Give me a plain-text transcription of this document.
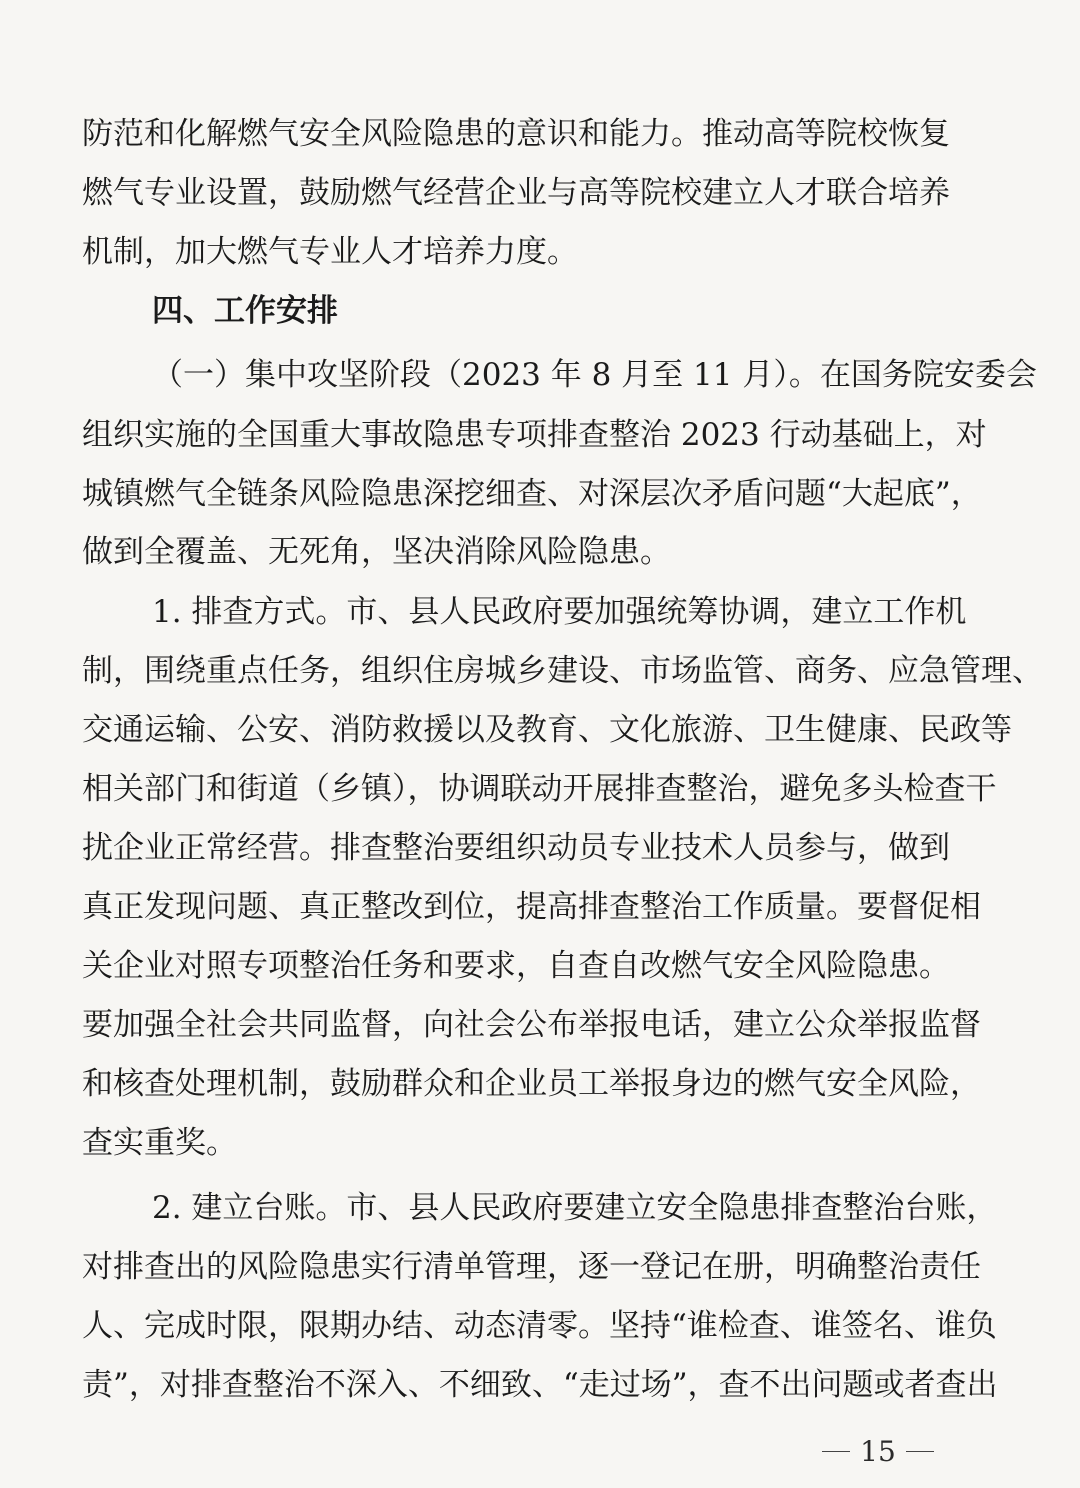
防范和化解燃气安全风险隐患的意识和能力。推动高等院校恢复
燃气专业设置，鼓励燃气经营企业与高等院校建立人才联合培养
机制，加大燃气专业人才培养力度。
四、工作安排
（一）集中攻坚阶段（2023 年 8 月至 11 月）。在国务院安委会
组织实施的全国重大事故隐患专项排查整治 2023 行动基础上，对
城镇燃气全链条风险隐患深挖细查、对深层次矛盾问题“大起底”，
做到全覆盖、无死角，坚决消除风险隐患。
1. 排查方式。市、县人民政府要加强统筹协调，建立工作机
制，围绕重点任务，组织住房城乡建设、市场监管、商务、应急管理、
交通运输、公安、消防救援以及教育、文化旅游、卫生健康、民政等
相关部门和街道（乡镇），协调联动开展排查整治，避免多头检查干
扰企业正常经营。排查整治要组织动员专业技术人员参与，做到
真正发现问题、真正整改到位，提高排查整治工作质量。要督促相
关企业对照专项整治任务和要求，自查自改燃气安全风险隐患。
要加强全社会共同监督，向社会公布举报电话，建立公众举报监督
和核查处理机制，鼓励群众和企业员工举报身边的燃气安全风险，
查实重奖。
2. 建立台账。市、县人民政府要建立安全隐患排查整治台账，
对排查出的风险隐患实行清单管理，逐一登记在册，明确整治责任
人、完成时限，限期办结、动态清零。坚持“谁检查、谁签名、谁负
责”，对排查整治不深入、不细致、“走过场”，查不出问题或者查出
15
